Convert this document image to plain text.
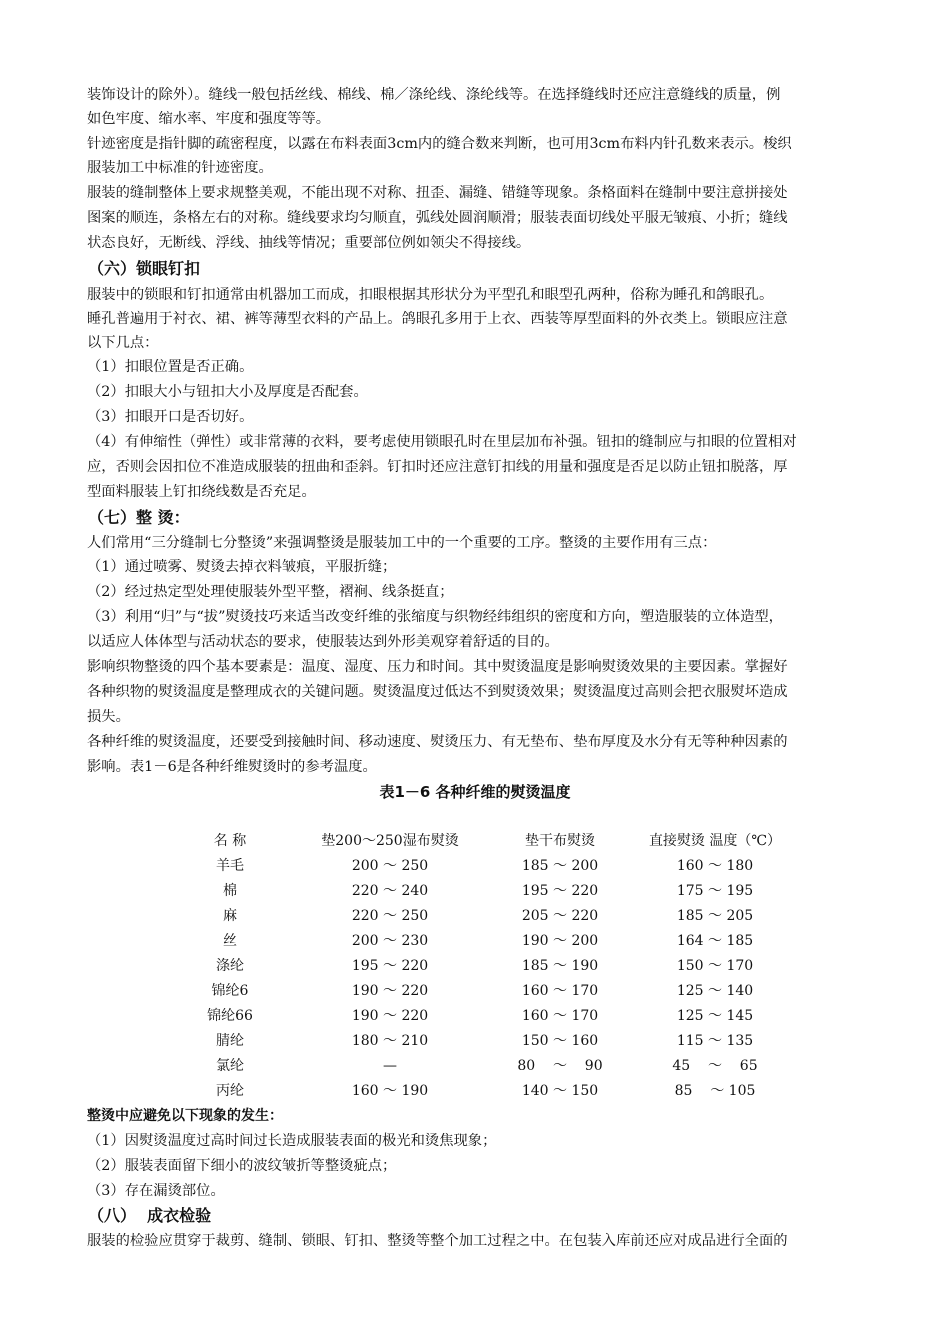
装饰设计的除外）。缝线一般包括丝线、棉线、棉／涤纶线、涤纶线等。在选择缝线时还应注意缝线的质量，例
如色牢度、缩水率、牢度和强度等等。
针迹密度是指针脚的疏密程度，以露在布料表面3cm内的缝合数来判断，也可用3cm布料内针孔数来表示。梭织
服装加工中标准的针迹密度。
服装的缝制整体上要求规整美观，不能出现不对称、扭歪、漏缝、错缝等现象。条格面料在缝制中要注意拼接处
图案的顺连，条格左右的对称。缝线要求均匀顺直，弧线处圆润顺滑；服装表面切线处平服无皱痕、小折；缝线
状态良好，无断线、浮线、抽线等情况；重要部位例如领尖不得接线。
（六）锁眼钉扣
服装中的锁眼和钉扣通常由机器加工而成，扣眼根据其形状分为平型孔和眼型孔两种，俗称为睡孔和鸽眼孔。
睡孔普遍用于衬衣、裙、裤等薄型衣料的产品上。鸽眼孔多用于上衣、西装等厚型面料的外衣类上。锁眼应注意
以下几点：
（1）扣眼位置是否正确。
（2）扣眼大小与钮扣大小及厚度是否配套。
（3）扣眼开口是否切好。
（4）有伸缩性（弹性）或非常薄的衣料，要考虑使用锁眼孔时在里层加布补强。钮扣的缝制应与扣眼的位置相对
应，否则会因扣位不准造成服装的扭曲和歪斜。钉扣时还应注意钉扣线的用量和强度是否足以防止钮扣脱落，厚
型面料服装上钉扣绕线数是否充足。
（七）整 烫：
人们常用“三分缝制七分整烫”来强调整烫是服装加工中的一个重要的工序。整烫的主要作用有三点：
（1）通过喷雾、熨烫去掉衣料皱痕，平服折缝；
（2）经过热定型处理使服装外型平整，褶裥、线条挺直；
（3）利用“归”与“拔”熨烫技巧来适当改变纤维的张缩度与织物经纬组织的密度和方向，塑造服装的立体造型，
以适应人体体型与活动状态的要求，使服装达到外形美观穿着舒适的目的。
影响织物整烫的四个基本要素是：温度、湿度、压力和时间。其中熨烫温度是影响熨烫效果的主要因素。掌握好
各种织物的熨烫温度是整理成衣的关键问题。熨烫温度过低达不到熨烫效果；熨烫温度过高则会把衣服熨坏造成
损失。
各种纤维的熨烫温度，还要受到接触时间、移动速度、熨烫压力、有无垫布、垫布厚度及水分有无等种种因素的
影响。表1－6是各种纤维熨烫时的参考温度。
表1－6 各种纤维的熨烫温度
名 称	垫200～250湿布熨烫	垫干布熨烫	直接熨烫 温度（℃）
羊毛	200 ～ 250	185 ～ 200	160 ～ 180
棉	220 ～ 240	195 ～ 220	175 ～ 195
麻	220 ～ 250	205 ～ 220	185 ～ 205
丝	200 ～ 230	190 ～ 200	164 ～ 185
涤纶	195 ～ 220	185 ～ 190	150 ～ 170
锦纶6	190 ～ 220	160 ～ 170	125 ～ 140
锦纶66	190 ～ 220	160 ～ 170	125 ～ 145
腈纶	180 ～ 210	150 ～ 160	115 ～ 135
氯纶	—	80    ～    90	45    ～    65
丙纶	160 ～ 190	140 ～ 150	85    ～ 105
整烫中应避免以下现象的发生：
（1）因熨烫温度过高时间过长造成服装表面的极光和烫焦现象；
（2）服装表面留下细小的波纹皱折等整烫疵点；
（3）存在漏烫部位。
（八）  成衣检验
服装的检验应贯穿于裁剪、缝制、锁眼、钉扣、整烫等整个加工过程之中。在包装入库前还应对成品进行全面的
